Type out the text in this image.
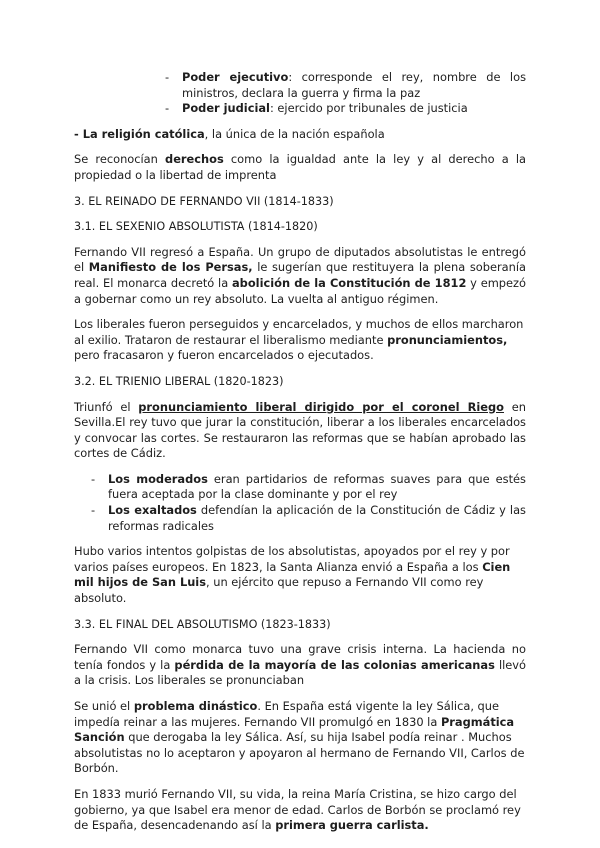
- Poder ejecutivo: corresponde el rey, nombre de los ministros, declara la guerra y firma la paz
- Poder judicial: ejercido por tribunales de justicia

- La religión católica, la única de la nación española

Se reconocían derechos como la igualdad ante la ley y al derecho a la propiedad o la libertad de imprenta

3. EL REINADO DE FERNANDO VII (1814-1833)

3.1. EL SEXENIO ABSOLUTISTA (1814-1820)

Fernando VII regresó a España. Un grupo de diputados absolutistas le entregó el Manifiesto de los Persas, le sugerían que restituyera la plena soberanía real. El monarca decretó la abolición de la Constitución de 1812 y empezó a gobernar como un rey absoluto. La vuelta al antiguo régimen.

Los liberales fueron perseguidos y encarcelados, y muchos de ellos marcharon al exilio. Trataron de restaurar el liberalismo mediante pronunciamientos, pero fracasaron y fueron encarcelados o ejecutados.

3.2. EL TRIENIO LIBERAL (1820-1823)

Triunfó el pronunciamiento liberal dirigido por el coronel Riego en Sevilla.El rey tuvo que jurar la constitución, liberar a los liberales encarcelados y convocar las cortes. Se restauraron las reformas que se habían aprobado las cortes de Cádiz.

- Los moderados eran partidarios de reformas suaves para que estés fuera aceptada por la clase dominante y por el rey
- Los exaltados defendían la aplicación de la Constitución de Cádiz y las reformas radicales

Hubo varios intentos golpistas de los absolutistas, apoyados por el rey y por varios países europeos. En 1823, la Santa Alianza envió a España a los Cien mil hijos de San Luis, un ejército que repuso a Fernando VII como rey absoluto.

3.3. EL FINAL DEL ABSOLUTISMO (1823-1833)

Fernando VII como monarca tuvo una grave crisis interna. La hacienda no tenía fondos y la pérdida de la mayoría de las colonias americanas llevó a la crisis. Los liberales se pronunciaban

Se unió el problema dinástico. En España está vigente la ley Sálica, que impedía reinar a las mujeres. Fernando VII promulgó en 1830 la Pragmática Sanción que derogaba la ley Sálica. Así, su hija Isabel podía reinar . Muchos absolutistas no lo aceptaron y apoyaron al hermano de Fernando VII, Carlos de Borbón.

En 1833 murió Fernando VII, su vida, la reina María Cristina, se hizo cargo del gobierno, ya que Isabel era menor de edad. Carlos de Borbón se proclamó rey de España, desencadenando así la primera guerra carlista.
